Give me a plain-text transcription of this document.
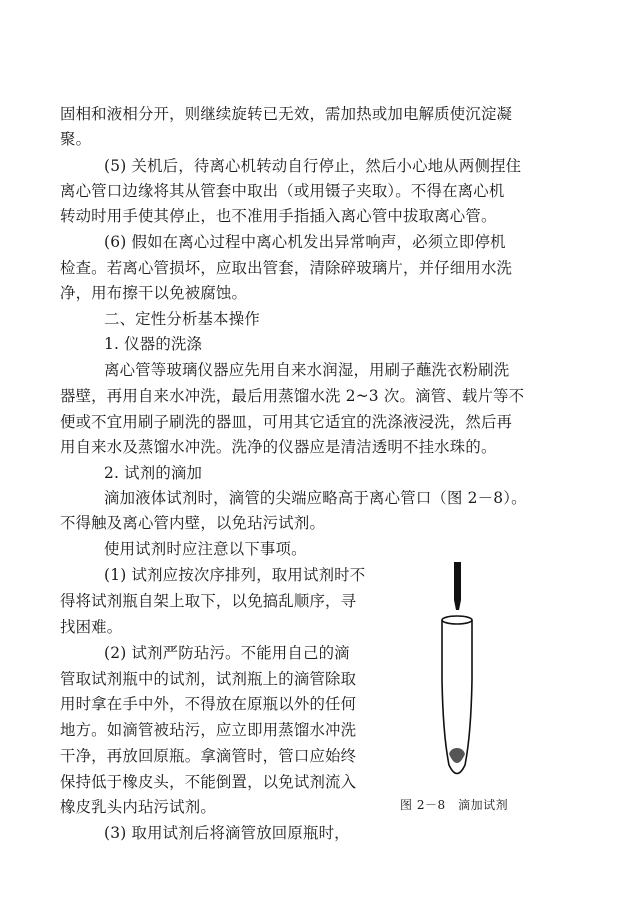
固相和液相分开，则继续旋转已无效，需加热或加电解质使沉淀凝
聚。
(5) 关机后，待离心机转动自行停止，然后小心地从两侧捏住
离心管口边缘将其从管套中取出（或用镊子夹取）。不得在离心机
转动时用手使其停止，也不准用手指插入离心管中拔取离心管。
(6) 假如在离心过程中离心机发出异常响声，必须立即停机
检查。若离心管损坏，应取出管套，清除碎玻璃片，并仔细用水洗
净，用布擦干以免被腐蚀。
二、定性分析基本操作
1. 仪器的洗涤
离心管等玻璃仪器应先用自来水润湿，用刷子蘸洗衣粉刷洗
器壁，再用自来水冲洗，最后用蒸馏水洗 2~3 次。滴管、载片等不
便或不宜用刷子刷洗的器皿，可用其它适宜的洗涤液浸洗，然后再
用自来水及蒸馏水冲洗。洗净的仪器应是清洁透明不挂水珠的。
2. 试剂的滴加
滴加液体试剂时，滴管的尖端应略高于离心管口（图 2－8）。
不得触及离心管内壁，以免玷污试剂。
使用试剂时应注意以下事项。
(1) 试剂应按次序排列，取用试剂时不
得将试剂瓶自架上取下，以免搞乱顺序，寻
找困难。
(2) 试剂严防玷污。不能用自己的滴
管取试剂瓶中的试剂，试剂瓶上的滴管除取
用时拿在手中外，不得放在原瓶以外的任何
地方。如滴管被玷污，应立即用蒸馏水冲洗
干净，再放回原瓶。拿滴管时，管口应始终
保持低于橡皮头，不能倒置，以免试剂流入
橡皮乳头内玷污试剂。
(3) 取用试剂后将滴管放回原瓶时，
图 2－8　滴加试剂
